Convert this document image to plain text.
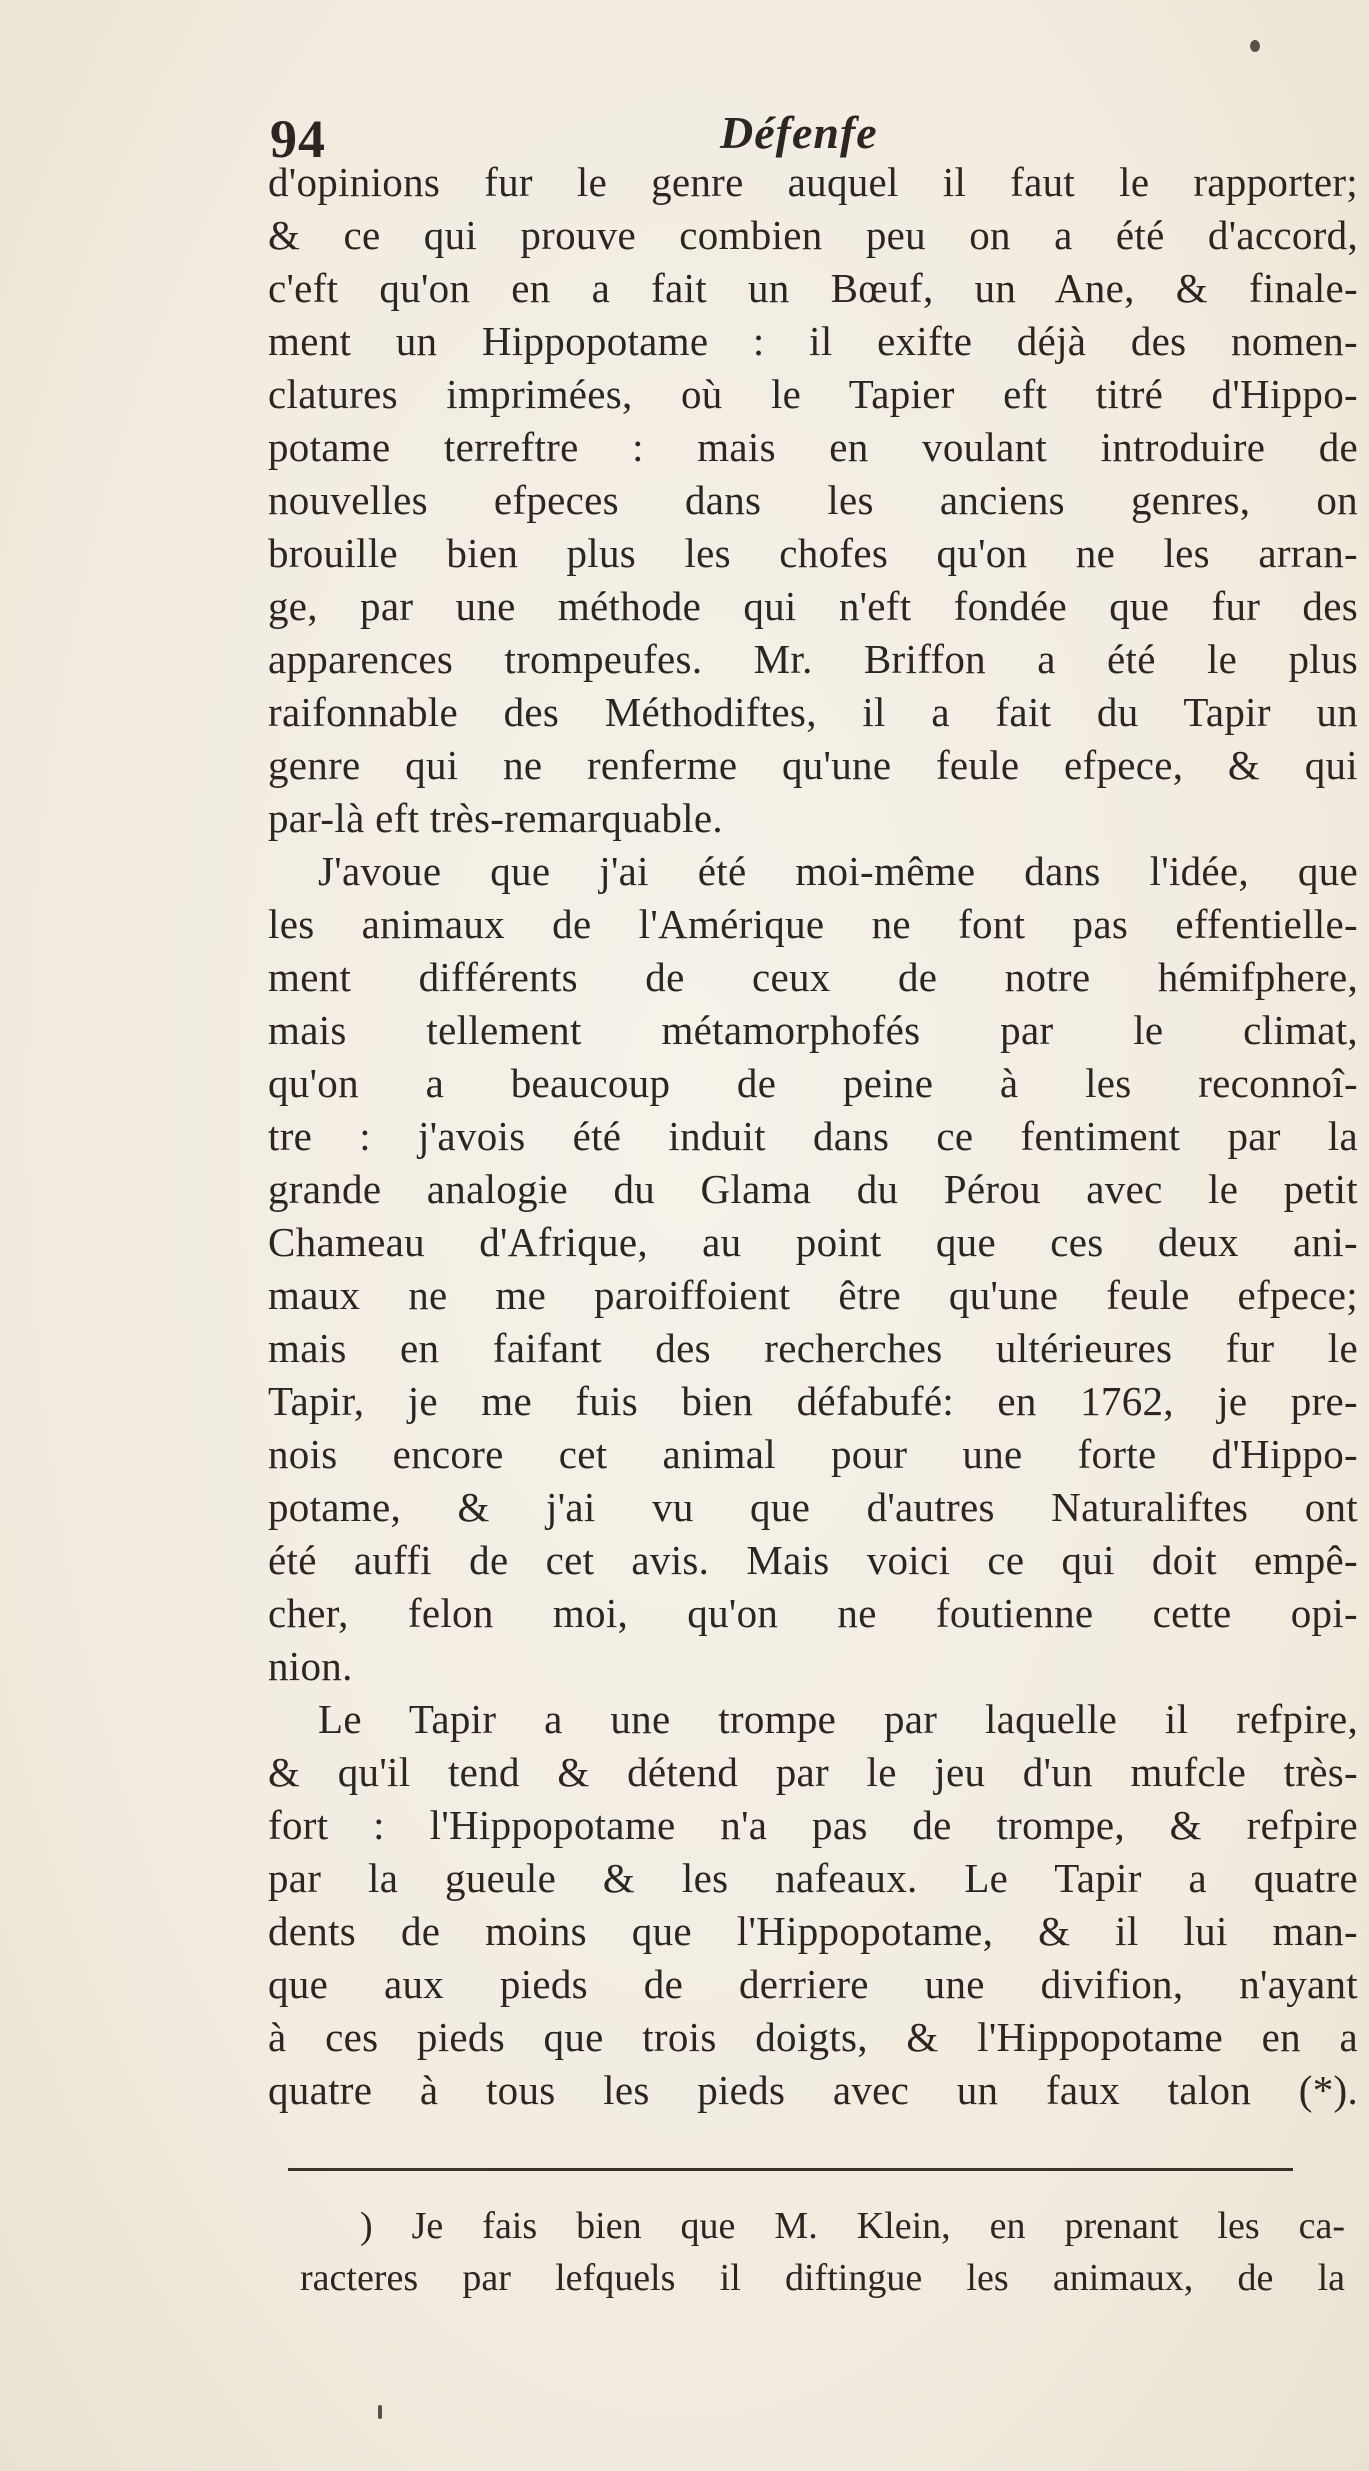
94	Défenfe
d'opinions fur le genre auquel il faut le rapporter;
& ce qui prouve combien peu on a été d'accord,
c'eft qu'on en a fait un Bœuf, un Ane, & finale-
ment un Hippopotame : il exifte déjà des nomen-
clatures imprimées, où le Tapier eft titré d'Hippo-
potame terreftre : mais en voulant introduire de
nouvelles efpeces dans les anciens genres, on
brouille bien plus les chofes qu'on ne les arran-
ge, par une méthode qui n'eft fondée que fur des
apparences trompeufes. Mr. Briffon a été le plus
raifonnable des Méthodiftes, il a fait du Tapir un
genre qui ne renferme qu'une feule efpece, & qui
par-là eft très-remarquable.
J'avoue que j'ai été moi-même dans l'idée, que
les animaux de l'Amérique ne font pas effentielle-
ment différents de ceux de notre hémifphere,
mais tellement métamorphofés par le climat,
qu'on a beaucoup de peine à les reconnoî-
tre : j'avois été induit dans ce fentiment par la
grande analogie du Glama du Pérou avec le petit
Chameau d'Afrique, au point que ces deux ani-
maux ne me paroiffoient être qu'une feule efpece;
mais en faifant des recherches ultérieures fur le
Tapir, je me fuis bien défabufé: en 1762, je pre-
nois encore cet animal pour une forte d'Hippo-
potame, & j'ai vu que d'autres Naturaliftes ont
été auffi de cet avis. Mais voici ce qui doit empê-
cher, felon moi, qu'on ne foutienne cette opi-
nion.
Le Tapir a une trompe par laquelle il refpire,
& qu'il tend & détend par le jeu d'un mufcle très-
fort : l'Hippopotame n'a pas de trompe, & refpire
par la gueule & les nafeaux. Le Tapir a quatre
dents de moins que l'Hippopotame, & il lui man-
que aux pieds de derriere une divifion, n'ayant
à ces pieds que trois doigts, & l'Hippopotame en a
quatre à tous les pieds avec un faux talon (*).
) Je fais bien que M. Klein, en prenant les ca-
racteres par lefquels il diftingue les animaux, de la
